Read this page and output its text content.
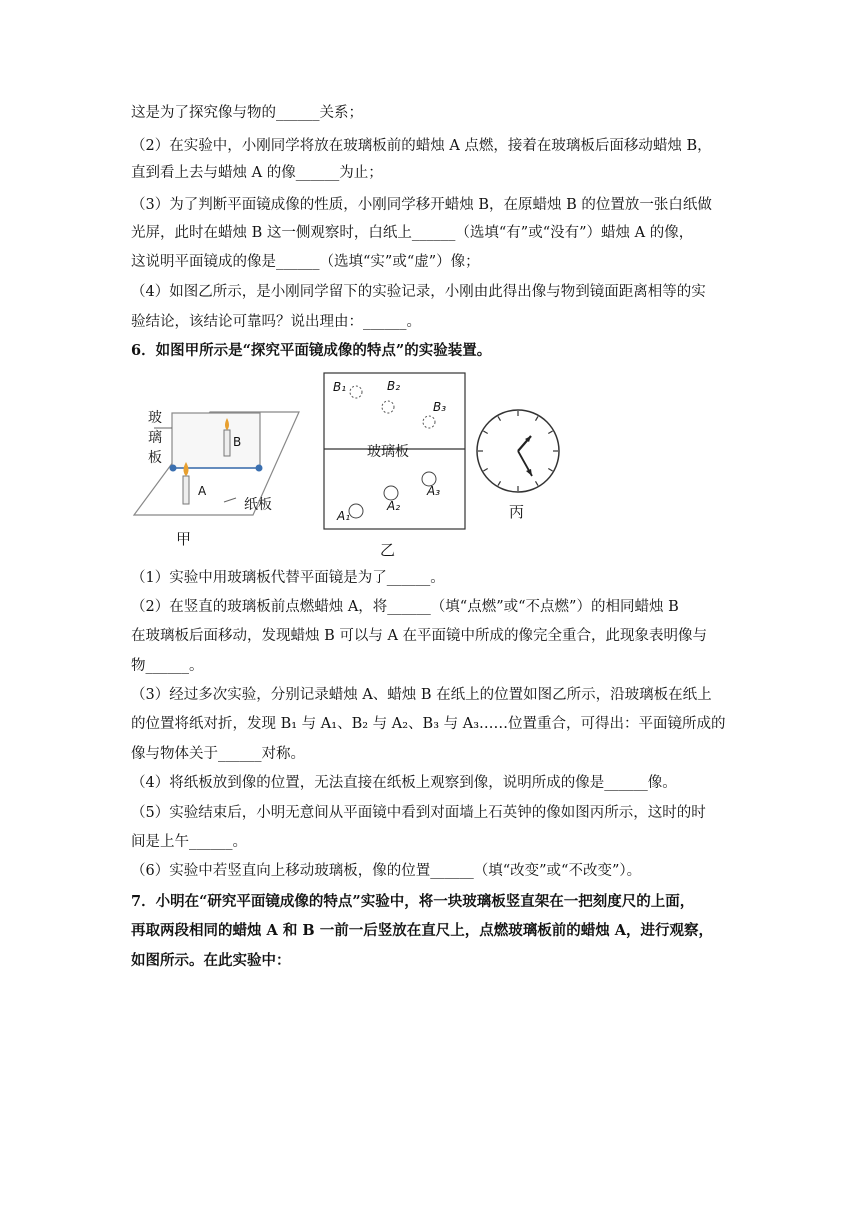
这是为了探究像与物的______关系；
（2）在实验中，小刚同学将放在玻璃板前的蜡烛 A 点燃，接着在玻璃板后面移动蜡烛 B，
直到看上去与蜡烛 A 的像______为止；
（3）为了判断平面镜成像的性质，小刚同学移开蜡烛 B，在原蜡烛 B 的位置放一张白纸做
光屏，此时在蜡烛 B 这一侧观察时，白纸上______（选填“有”或“没有”）蜡烛 A 的像，
这说明平面镜成的像是______（选填“实”或“虚”）像；
（4）如图乙所示，是小刚同学留下的实验记录，小刚由此得出像与物到镜面距离相等的实
验结论，该结论可靠吗？说出理由：______。
6．如图甲所示是“探究平面镜成像的特点”的实验装置。
玻
璃
板
B
A
纸板
甲
B₁	B₂
B₃
玻璃板
A₃
A₂
A₁
乙
丙
（1）实验中用玻璃板代替平面镜是为了______。
（2）在竖直的玻璃板前点燃蜡烛 A，将______（填“点燃”或“不点燃”）的相同蜡烛 B
在玻璃板后面移动，发现蜡烛 B 可以与 A 在平面镜中所成的像完全重合，此现象表明像与
物______。
（3）经过多次实验，分别记录蜡烛 A、蜡烛 B 在纸上的位置如图乙所示，沿玻璃板在纸上
的位置将纸对折，发现 B₁ 与 A₁、B₂ 与 A₂、B₃ 与 A₃……位置重合，可得出：平面镜所成的
像与物体关于______对称。
（4）将纸板放到像的位置，无法直接在纸板上观察到像，说明所成的像是______像。
（5）实验结束后，小明无意间从平面镜中看到对面墙上石英钟的像如图丙所示，这时的时
间是上午______。
（6）实验中若竖直向上移动玻璃板，像的位置______（填“改变”或“不改变”）。
7．小明在“研究平面镜成像的特点”实验中，将一块玻璃板竖直架在一把刻度尺的上面，
再取两段相同的蜡烛 A 和 B 一前一后竖放在直尺上，点燃玻璃板前的蜡烛 A，进行观察，
如图所示。在此实验中：
